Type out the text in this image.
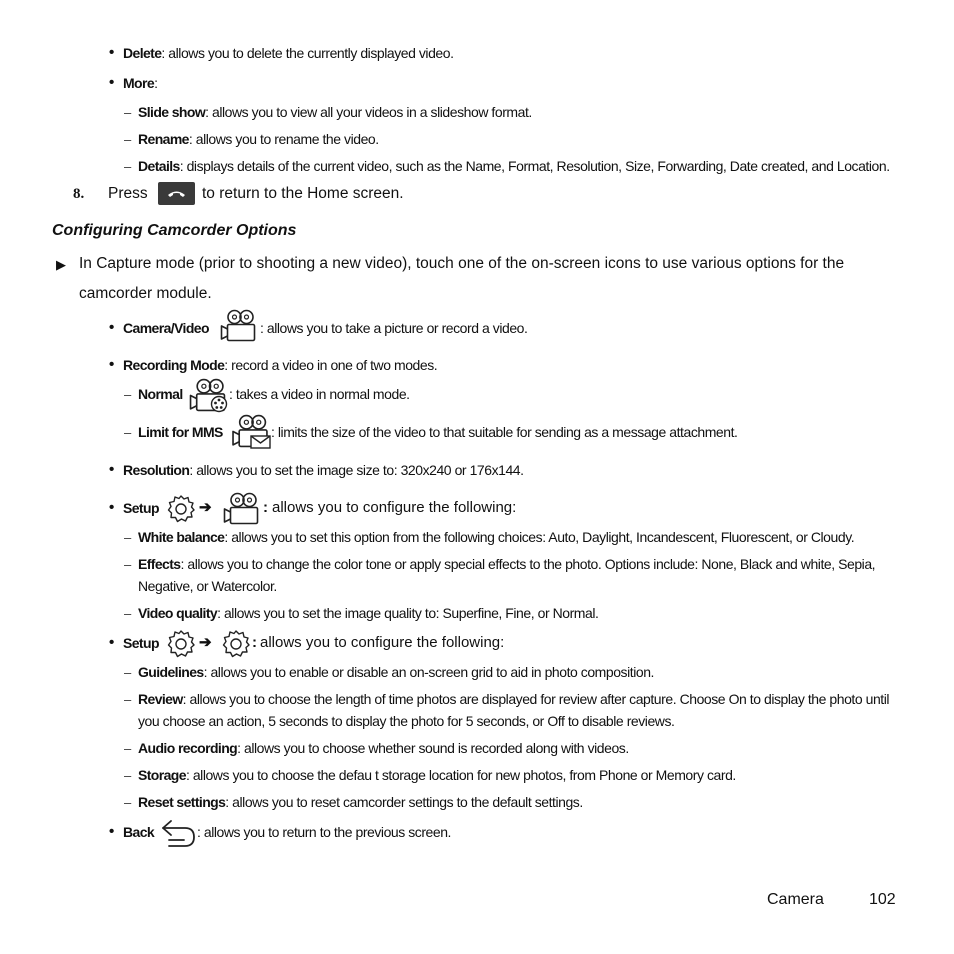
• Delete: allows you to delete the currently displayed video.
• More:
– Slide show: allows you to view all your videos in a slideshow format.
– Rename: allows you to rename the video.
– Details: displays details of the current video, such as the Name, Format, Resolution, Size, Forwarding, Date created, and Location.
8. Press	to return to the Home screen.
Configuring Camcorder Options
▶ In Capture mode (prior to shooting a new video), touch one of the on-screen icons to use various options for the
camcorder module.
• Camera/Video	: allows you to take a picture or record a video.
• Recording Mode: record a video in one of two modes.
– Normal	: takes a video in normal mode.
– Limit for MMS	: limits the size of the video to that suitable for sending as a message attachment.
• Resolution: allows you to set the image size to: 320x240 or 176x144.
• Setup	➔	: allows you to configure the following:
– White balance: allows you to set this option from the following choices: Auto, Daylight, Incandescent, Fluorescent, or Cloudy.
– Effects: allows you to change the color tone or apply special effects to the photo. Options include: None, Black and white, Sepia,
Negative, or Watercolor.
– Video quality: allows you to set the image quality to: Superfine, Fine, or Normal.
• Setup	➔	: allows you to configure the following:
– Guidelines: allows you to enable or disable an on-screen grid to aid in photo composition.
– Review: allows you to choose the length of time photos are displayed for review after capture. Choose On to display the photo until
you choose an action, 5 seconds to display the photo for 5 seconds, or Off to disable reviews.
– Audio recording: allows you to choose whether sound is recorded along with videos.
– Storage: allows you to choose the defau t storage location for new photos, from Phone or Memory card.
– Reset settings: allows you to reset camcorder settings to the default settings.
• Back	: allows you to return to the previous screen.
Camera	102
